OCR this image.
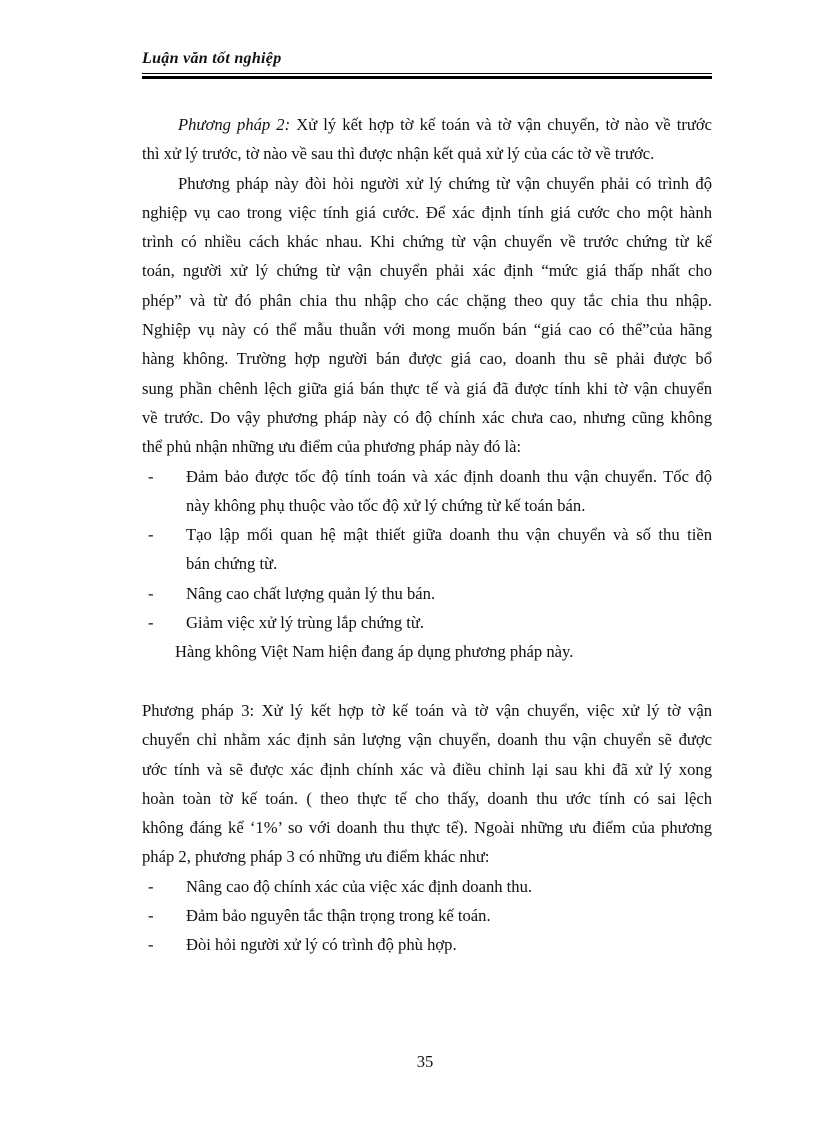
Luận văn tốt nghiệp
Phương pháp 2: Xử lý kết hợp tờ kế toán và tờ vận chuyển, tờ nào về trước
thì xử lý trước, tờ nào về sau thì được nhận kết quả xử lý của các tờ về trước.
Phương pháp này đòi hỏi người xử lý chứng từ vận chuyển phải có trình độ
nghiệp vụ cao trong việc tính giá cước. Để xác định tính giá cước cho một hành
trình có nhiều cách khác nhau. Khi chứng từ vận chuyển về trước chứng từ kế
toán, người xử lý chứng từ vận chuyển phải xác định “mức giá thấp nhất cho
phép” và từ đó phân chia thu nhập cho các chặng theo quy tắc chia thu nhập.
Nghiệp vụ này có thể mẫu thuẫn với mong muốn bán “giá cao có thể”của hãng
hàng không. Trường hợp người bán được giá cao, doanh thu sẽ phải được bổ
sung phần chênh lệch giữa giá bán thực tế và giá đã được tính khi tờ vận chuyển
về trước. Do vậy phương pháp này có độ chính xác chưa cao, nhưng cũng không
thể phủ nhận những ưu điểm của phương pháp này đó là:
- Đảm bảo được tốc độ tính toán và xác định doanh thu vận chuyển. Tốc độ
này không phụ thuộc vào tốc độ xử lý chứng từ kế toán bán.
- Tạo lập mối quan hệ mật thiết giữa doanh thu vận chuyển và số thu tiền
bán chứng từ.
- Nâng cao chất lượng quản lý thu bán.
- Giảm việc xử lý trùng lắp chứng từ.
Hàng không Việt Nam hiện đang áp dụng phương pháp này.
Phương pháp 3: Xử lý kết hợp tờ kế toán và tờ vận chuyển, việc xử lý tờ vận
chuyển chỉ nhằm xác định sản lượng vận chuyển, doanh thu vận chuyển sẽ được
ước tính và sẽ được xác định chính xác và điều chỉnh lại sau khi đã xử lý xong
hoàn toàn tờ kế toán. ( theo thực tế cho thấy, doanh thu ước tính có sai lệch
không đáng kể ‘1%’ so với doanh thu thực tế). Ngoài những ưu điểm của phương
pháp 2, phương pháp 3 có những ưu điểm khác như:
- Nâng cao độ chính xác của việc xác định doanh thu.
- Đảm bảo nguyên tắc thận trọng trong kế toán.
- Đòi hỏi người xử lý có trình độ phù hợp.
35
